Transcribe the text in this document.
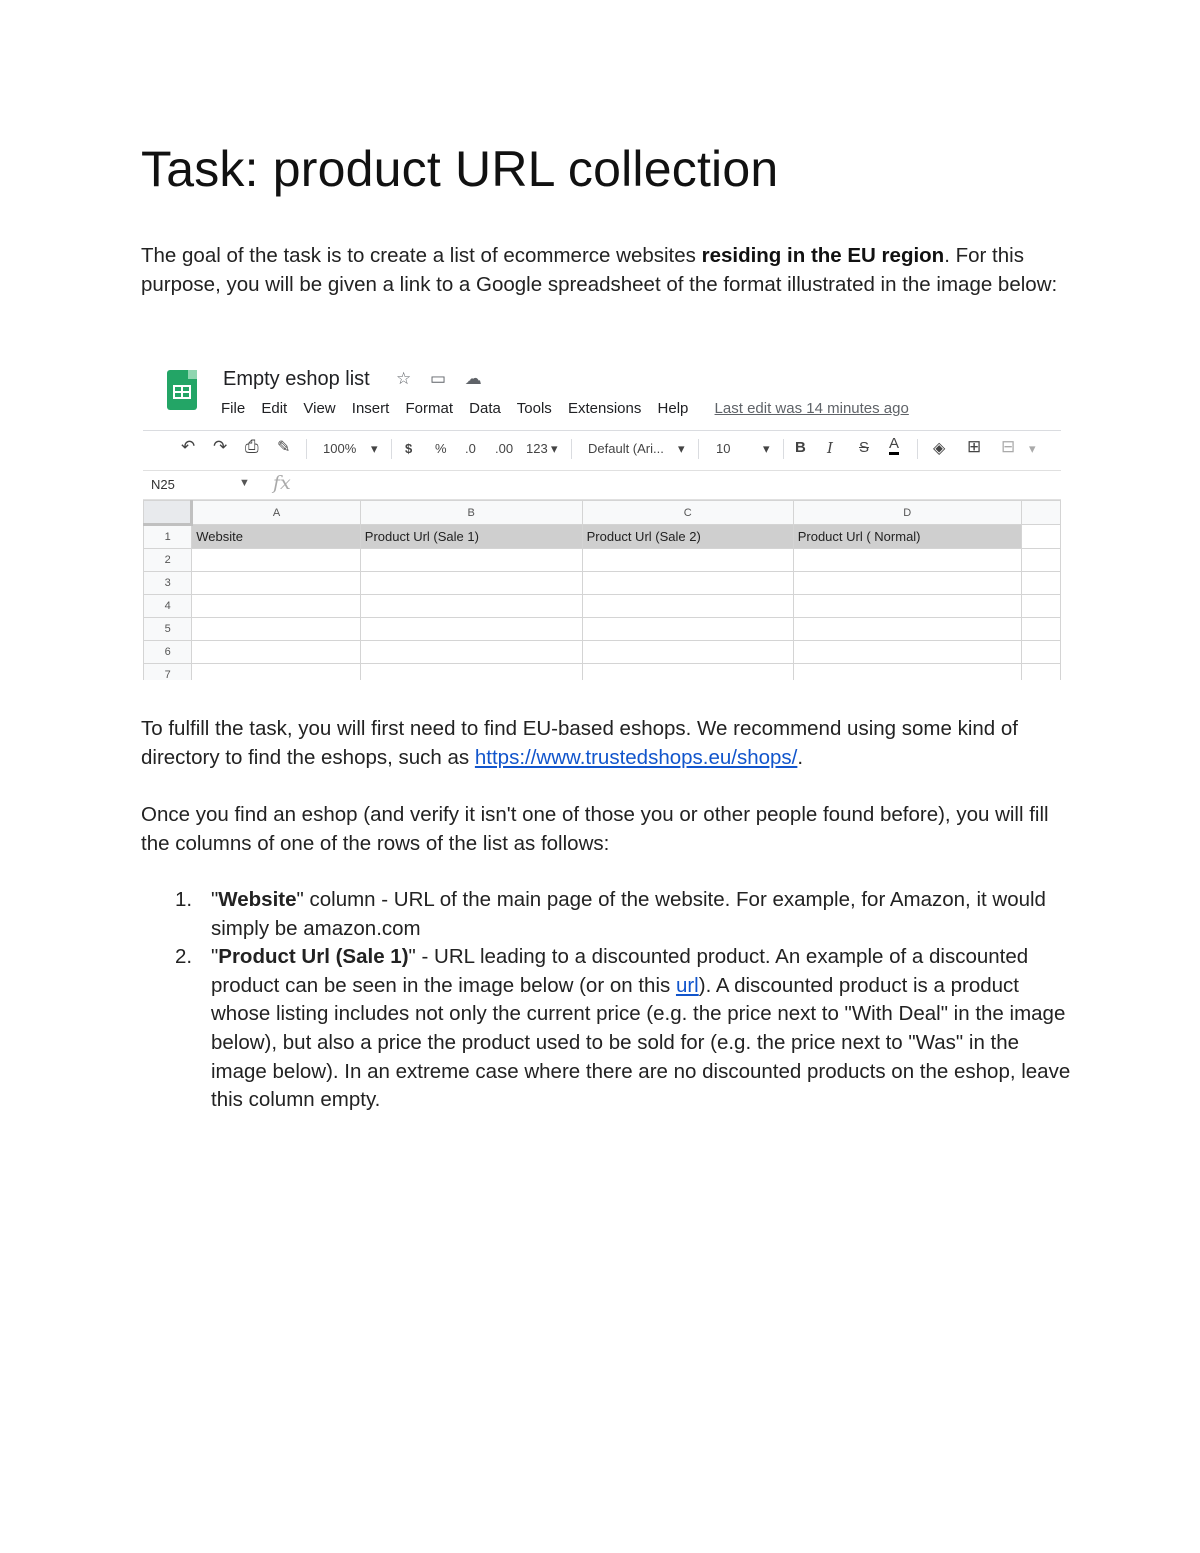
Task: product URL collection

The goal of the task is to create a list of ecommerce websites residing in the EU region. For this purpose, you will be given a link to a Google spreadsheet of the format illustrated in the image below:

Empty eshop list ☆ ▭ ☁
File Edit View Insert Format Data Tools Extensions Help Last edit was 14 minutes ago
↶ ↷ ⎙ ✎	100% ▾ $ % .0 .00 123 ▾ Default (Ari... ▾ 10	▾ B I S A ◈ ⊞ ⊟ ▾
N25	▼ fx
	A	B	C	D	
1	Website	Product Url (Sale 1)	Product Url (Sale 2)	Product Url ( Normal)	
2					
3					
4					
5					
6					
7					

To fulfill the task, you will first need to find EU-based eshops. We recommend using some kind of directory to find the eshops, such as https://www.trustedshops.eu/shops/.

Once you find an eshop (and verify it isn't one of those you or other people found before), you will fill the columns of one of the rows of the list as follows:

1. "Website" column - URL of the main page of the website. For example, for Amazon, it would simply be amazon.com
2. "Product Url (Sale 1)" - URL leading to a discounted product. An example of a discounted product can be seen in the image below (or on this url). A discounted product is a product whose listing includes not only the current price (e.g. the price next to "With Deal" in the image below), but also a price the product used to be sold for (e.g. the price next to "Was" in the image below). In an extreme case where there are no discounted products on the eshop, leave this column empty.
